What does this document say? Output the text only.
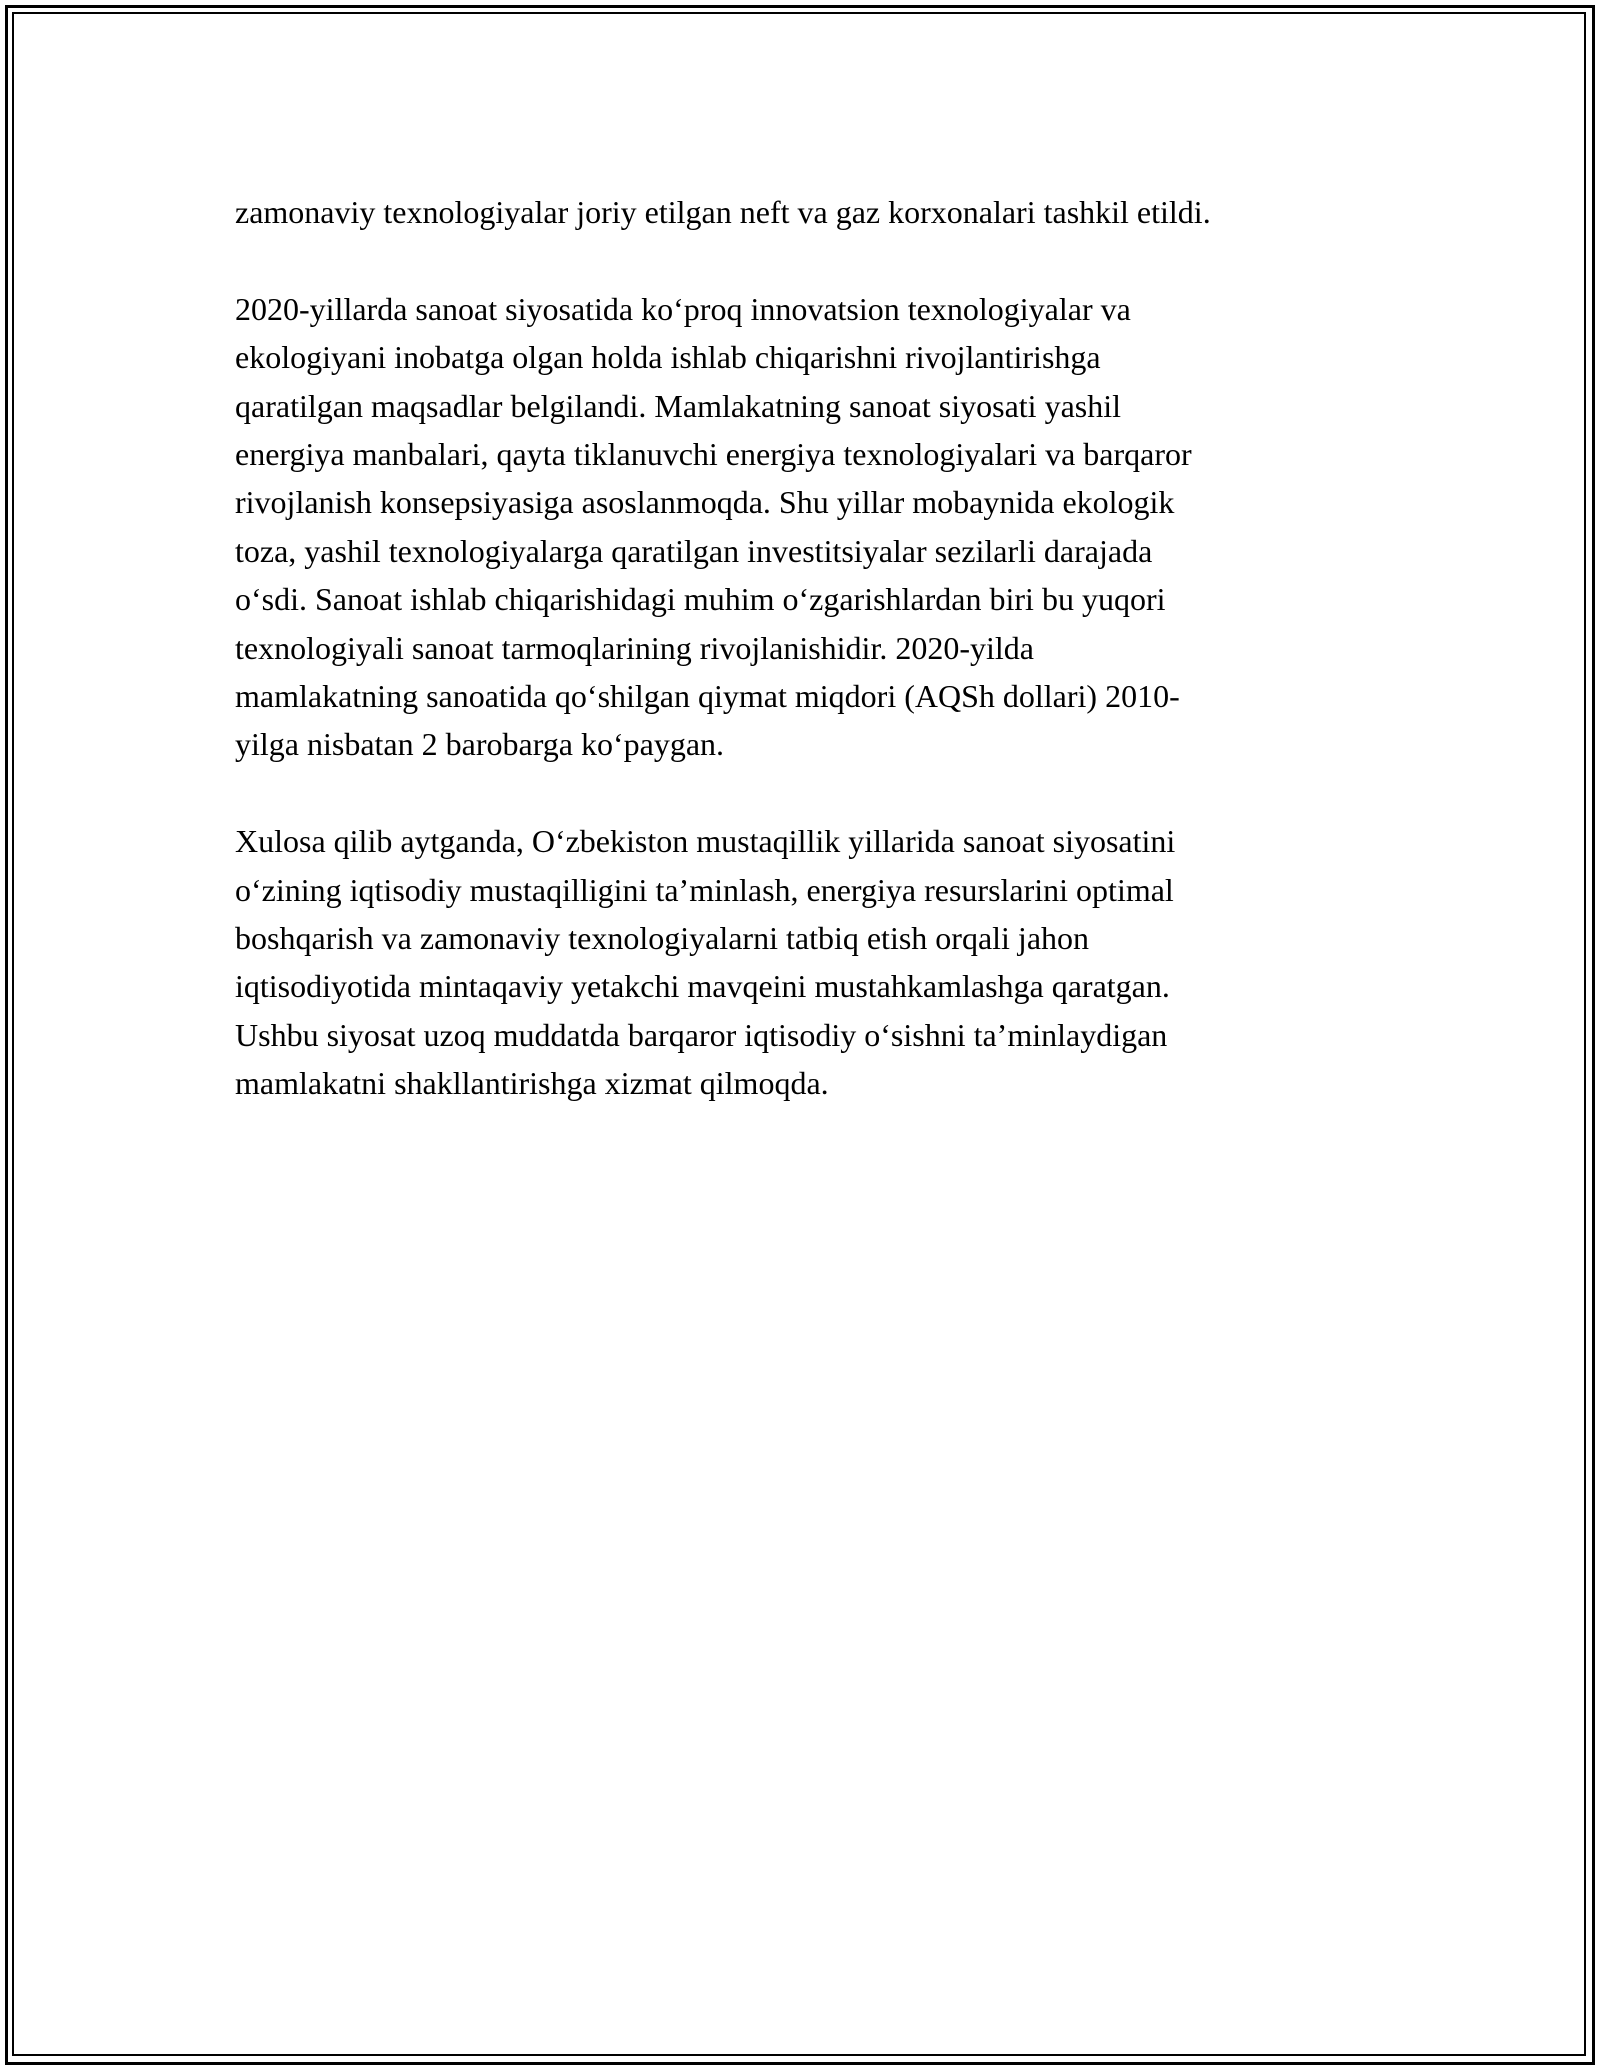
zamonaviy texnologiyalar joriy etilgan neft va gaz korxonalari tashkil etildi.

2020-yillarda sanoat siyosatida ko‘proq innovatsion texnologiyalar va
ekologiyani inobatga olgan holda ishlab chiqarishni rivojlantirishga
qaratilgan maqsadlar belgilandi. Mamlakatning sanoat siyosati yashil
energiya manbalari, qayta tiklanuvchi energiya texnologiyalari va barqaror
rivojlanish konsepsiyasiga asoslanmoqda. Shu yillar mobaynida ekologik
toza, yashil texnologiyalarga qaratilgan investitsiyalar sezilarli darajada
o‘sdi. Sanoat ishlab chiqarishidagi muhim o‘zgarishlardan biri bu yuqori
texnologiyali sanoat tarmoqlarining rivojlanishidir. 2020-yilda
mamlakatning sanoatida qo‘shilgan qiymat miqdori (AQSh dollari) 2010-
yilga nisbatan 2 barobarga ko‘paygan.

Xulosa qilib aytganda, O‘zbekiston mustaqillik yillarida sanoat siyosatini
o‘zining iqtisodiy mustaqilligini ta’minlash, energiya resurslarini optimal
boshqarish va zamonaviy texnologiyalarni tatbiq etish orqali jahon
iqtisodiyotida mintaqaviy yetakchi mavqeini mustahkamlashga qaratgan.
Ushbu siyosat uzoq muddatda barqaror iqtisodiy o‘sishni ta’minlaydigan
mamlakatni shakllantirishga xizmat qilmoqda.
